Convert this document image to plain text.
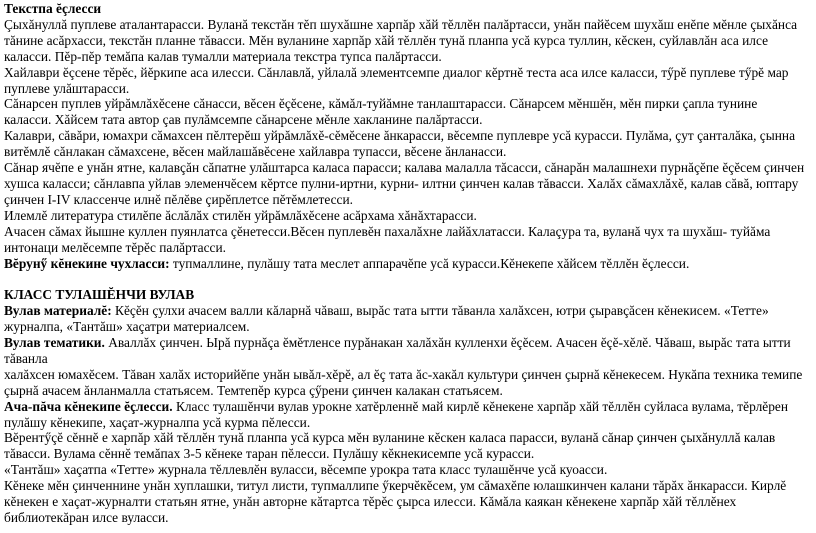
Текстпа ĕçлесси

Çыхăнуллă пуплеве аталантарасси. Вуланă текстăн тĕп шухăшне харпăр хăй тĕллĕн палăртасси, унăн пайĕсем шухăш енĕпе мĕнле çыхăнса тăнине асăрхасси, текстăн планне тăвасси. Мĕн вуланине харпăр хăй тĕллĕн тунă планпа усă курса туллин, кĕскен, суйлавлăн аса илсе каласси. Пĕр-пĕр темăпа калав тумалли материала текстра тупса палăртасси.

Хайлаври ĕçсене тĕрĕс, йĕркипе аса илесси. Сăнлавлă, уйлалă элементсемпе диалог кĕртнĕ теста аса илсе каласси, тӳрĕ пуплеве тӳрĕ мар пуплеве улăштарасси.

Сăнарсен пуплев уйрăмлăхĕсене сăнасси, вĕсен ĕçĕсене, кăмăл-туйăмне танлаштарасси. Сăнарсем мĕншĕн, мĕн пирки çапла тунине каласси. Хăйсем тата автор çав пулăмсемпе сăнарсене мĕнле хакланине палăртасси.

Калаври, сăвăри, юмахри сăмахсен пĕлтерĕш уйрăмлăхĕ-сĕмĕсене ăнкарасси, вĕсемпе пуплевре усă курасси. Пулăма, çут çанталăка, çынна витĕмлĕ сăнлакан сăмахсене, вĕсен майлашăвĕсене хайлавра тупасси, вĕсене ăнланасси.

Сăнар ячĕпе е унăн ятне, калавçăн сăпатне улăштарса каласа парасси; калава малалла тăсасси, сăнарăн малашнехи пурнăçĕпе ĕçĕсем çинчен хушса каласси; сăнлавпа уйлав элеменчĕсем кĕртсе пулни-иртни, курни- илтни çинчен калав тăвасси. Халăх сăмахлăхĕ, калав сăвă, юптару çинчен I-IV классенче илнĕ пĕлĕве çирĕплетсе пĕтĕмлетесси.

Илемлĕ литература стилĕпе ăслăлăх стилĕн уйрăмлăхĕсене асăрхама хăнăхтарасси.

Ачасен сăмах йышне куллен пуянлатса çĕнетесси.Вĕсен пуплевĕн пахалăхне лайăхлатасси. Калаçура та, вуланă чух та шухăш- туйăма интонаци мелĕсемпе тĕрĕс палăртасси.

Вĕрунӳ кĕнекине чухласси: тупмаллине, пулăшу тата меслет аппарачĕпе усă курасси.Кĕнекепе хăйсем тĕллĕн ĕçлесси.

КЛАСС ТУЛАШĔНЧИ ВУЛАВ

Вулав материалĕ: Кĕçĕн çулхи ачасем валли кăларнă чăваш, вырăс тата ытти тăванла халăхсен, ютри çыравçăсен кĕнекисем. «Тетте» журналпа, «Тантăш» хаçатри материалсем.

Вулав тематики. Аваллăх çинчен. Ырă пурнăçа ĕмĕтленсе пурăнакан халăхăн кулленхи ĕçĕсем. Ачасен ĕçĕ-хĕлĕ. Чăваш, вырăс тата ытти тăванла

халăхсен юмахĕсем. Тăван халăх историйĕпе унăн ывăл-хĕрĕ, ал ĕç тата ăс-хакăл культури çинчен çырнă кĕнекесем. Нукăпа техника темипе çырнă ачасем ăнланмалла статьясем. Темтепĕр курса çӳрени çинчен калакан статьясем.

Ача-пăча кĕнекипе ĕçлесси. Класс тулашĕнчи вулав урокне хатĕрленнĕ май кирлĕ кĕнекене харпăр хăй тĕллĕн суйласа вулама, тĕрлĕрен пулăшу кĕнекипе, хаçат-журналпа усă курма пĕлесси.

Вĕрентӳçĕ сĕннĕ е харпăр хăй тĕллĕн тунă планпа усă курса мĕн вуланине кĕскен каласа парасси, вуланă сăнар çинчен çыхăнуллă калав тăвасси. Вулама сĕннĕ темăпах 3-5 кĕнеке таран пĕлесси. Пулăшу кĕкнекисемпе усă курасси.

«Тантăш» хаçатпа «Тетте» журнала тĕллевлĕн вуласси, вĕсемпе урокра тата класс тулашĕнче усă куоасси.

Кĕнеке мĕн çинченнине унăн хуплашки, титул листи, тупмаллипе ӳкерчĕкĕсем, ум сăмахĕпе юлашкинчен калани тăрăх ăнкарасси. Кирлĕ кĕнекен е хаçат-журналти статьян ятне, унăн авторне кăтартса тĕрĕс çырса илесси. Кăмăла каякан кĕнекене харпăр хăй тĕллĕнех библиотекăран илсе вуласси.
